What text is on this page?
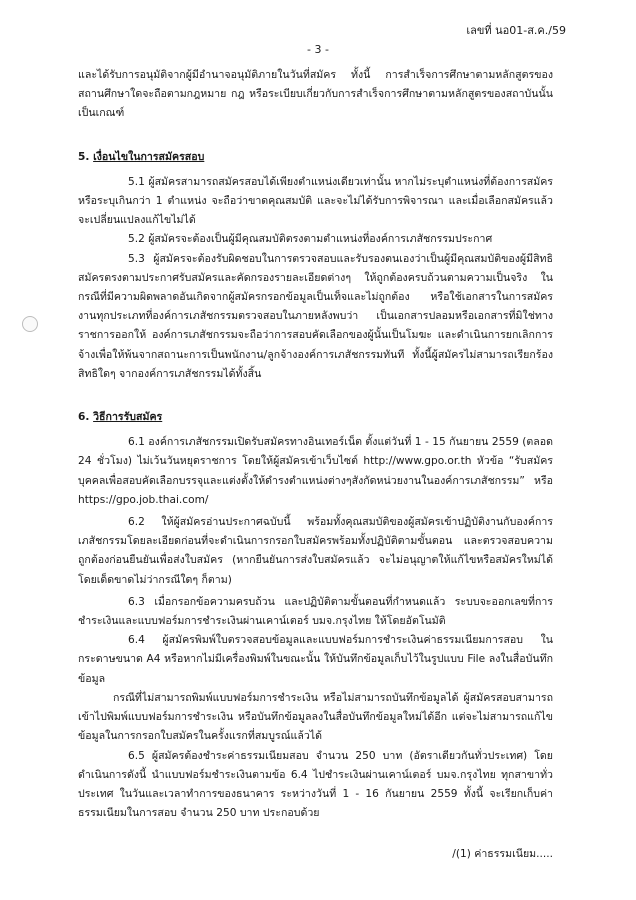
เลขที่ นอ01-ส.ค./59
- 3 -

และได้รับการอนุมัติจากผู้มีอำนาจอนุมัติภายในวันที่สมัคร ทั้งนี้ การสำเร็จการศึกษาตามหลักสูตรของสถานศึกษาใดจะถือตามกฎหมาย กฎ หรือระเบียบเกี่ยวกับการสำเร็จการศึกษาตามหลักสูตรของสถาบันนั้นเป็นเกณฑ์

5. เงื่อนไขในการสมัครสอบ

5.1 ผู้สมัครสามารถสมัครสอบได้เพียงตำแหน่งเดียวเท่านั้น หากไม่ระบุตำแหน่งที่ต้องการสมัครหรือระบุเกินกว่า 1 ตำแหน่ง จะถือว่าขาดคุณสมบัติ และจะไม่ได้รับการพิจารณา และเมื่อเลือกสมัครแล้วจะเปลี่ยนแปลงแก้ไขไม่ได้

5.2 ผู้สมัครจะต้องเป็นผู้มีคุณสมบัติตรงตามตำแหน่งที่องค์การเภสัชกรรมประกาศ

5.3 ผู้สมัครจะต้องรับผิดชอบในการตรวจสอบและรับรองตนเองว่าเป็นผู้มีคุณสมบัติของผู้มีสิทธิสมัครตรงตามประกาศรับสมัครและคัดกรองรายละเอียดต่างๆ ให้ถูกต้องครบถ้วนตามความเป็นจริง ในกรณีที่มีความผิดพลาดอันเกิดจากผู้สมัครกรอกข้อมูลเป็นเท็จและไม่ถูกต้อง หรือใช้เอกสารในการสมัครงานทุกประเภทที่องค์การเภสัชกรรมตรวจสอบในภายหลังพบว่า เป็นเอกสารปลอมหรือเอกสารที่มิใช่ทางราชการออกให้ องค์การเภสัชกรรมจะถือว่าการสอบคัดเลือกของผู้นั้นเป็นโมฆะ และดำเนินการยกเลิกการจ้างเพื่อให้พ้นจากสถานะการเป็นพนักงาน/ลูกจ้างองค์การเภสัชกรรมทันที ทั้งนี้ผู้สมัครไม่สามารถเรียกร้องสิทธิใดๆ จากองค์การเภสัชกรรมได้ทั้งสิ้น

6. วิธีการรับสมัคร

6.1 องค์การเภสัชกรรมเปิดรับสมัครทางอินเทอร์เน็ต ตั้งแต่วันที่ 1 - 15 กันยายน 2559 (ตลอด 24 ชั่วโมง) ไม่เว้นวันหยุดราชการ โดยให้ผู้สมัครเข้าเว็บไซต์ http://www.gpo.or.th หัวข้อ “รับสมัครบุคคลเพื่อสอบคัดเลือกบรรจุและแต่งตั้งให้ดำรงตำแหน่งต่างๆสังกัดหน่วยงานในองค์การเภสัชกรรม” หรือ https://gpo.job.thai.com/

6.2 ให้ผู้สมัครอ่านประกาศฉบับนี้ พร้อมทั้งคุณสมบัติของผู้สมัครเข้าปฏิบัติงานกับองค์การเภสัชกรรมโดยละเอียดก่อนที่จะดำเนินการกรอกใบสมัครพร้อมทั้งปฏิบัติตามขั้นตอน และตรวจสอบความถูกต้องก่อนยืนยันเพื่อส่งใบสมัคร (หากยืนยันการส่งใบสมัครแล้ว จะไม่อนุญาตให้แก้ไขหรือสมัครใหม่ได้โดยเด็ดขาดไม่ว่ากรณีใดๆ ก็ตาม)

6.3 เมื่อกรอกข้อความครบถ้วน และปฏิบัติตามขั้นตอนที่กำหนดแล้ว ระบบจะออกเลขที่การชำระเงินและแบบฟอร์มการชำระเงินผ่านเคาน์เตอร์ บมจ.กรุงไทย ให้โดยอัตโนมัติ

6.4 ผู้สมัครพิมพ์ใบตรวจสอบข้อมูลและแบบฟอร์มการชำระเงินค่าธรรมเนียมการสอบ ในกระดาษขนาด A4 หรือหากไม่มีเครื่องพิมพ์ในขณะนั้น ให้บันทึกข้อมูลเก็บไว้ในรูปแบบ File ลงในสื่อบันทึกข้อมูล

กรณีที่ไม่สามารถพิมพ์แบบฟอร์มการชำระเงิน หรือไม่สามารถบันทึกข้อมูลได้ ผู้สมัครสอบสามารถเข้าไปพิมพ์แบบฟอร์มการชำระเงิน หรือบันทึกข้อมูลลงในสื่อบันทึกข้อมูลใหม่ได้อีก แต่จะไม่สามารถแก้ไขข้อมูลในการกรอกใบสมัครในครั้งแรกที่สมบูรณ์แล้วได้

6.5 ผู้สมัครต้องชำระค่าธรรมเนียมสอบ จำนวน 250 บาท (อัตราเดียวกันทั่วประเทศ) โดยดำเนินการดังนี้ นำแบบฟอร์มชำระเงินตามข้อ 6.4 ไปชำระเงินผ่านเคาน์เตอร์ บมจ.กรุงไทย ทุกสาขาทั่วประเทศ ในวันและเวลาทำการของธนาคาร ระหว่างวันที่ 1 - 16 กันยายน 2559 ทั้งนี้ จะเรียกเก็บค่าธรรมเนียมในการสอบ จำนวน 250 บาท ประกอบด้วย

/(1) ค่าธรรมเนียม.....
